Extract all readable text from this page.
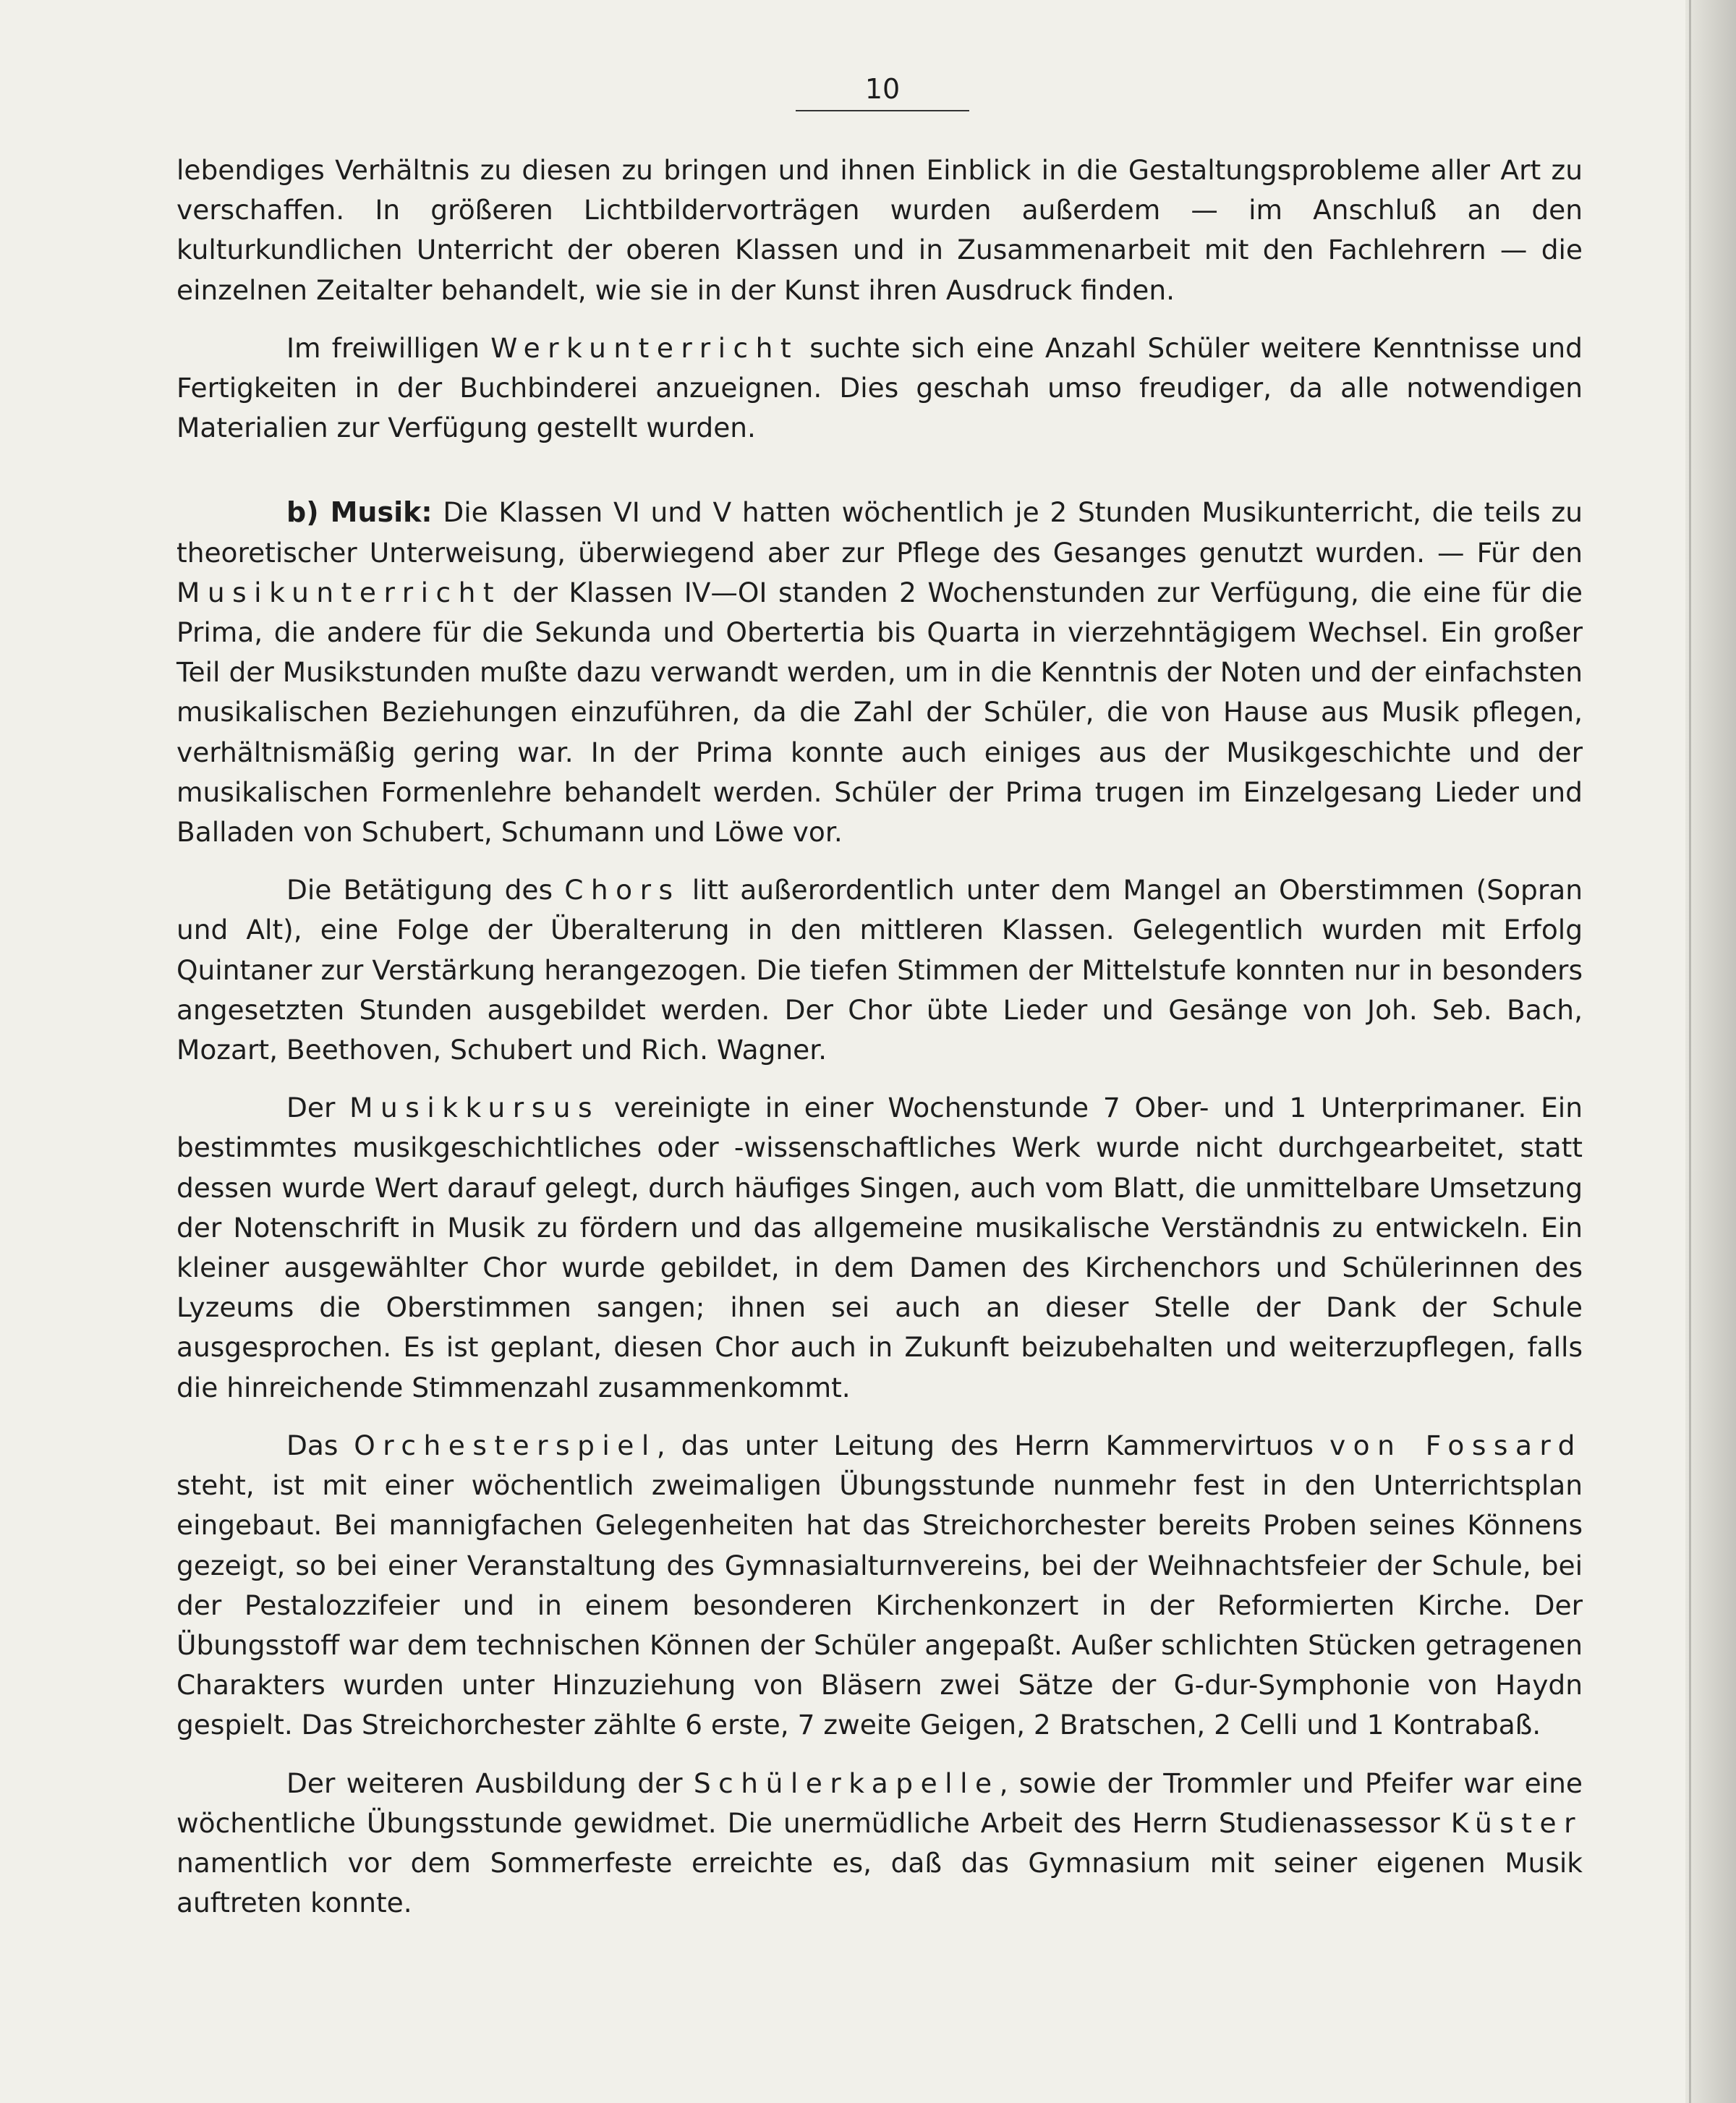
10

lebendiges Verhältnis zu diesen zu bringen und ihnen Einblick in die Gestaltungsprobleme aller Art zu verschaffen. In größeren Lichtbildervorträgen wurden außerdem — im Anschluß an den kulturkundlichen Unterricht der oberen Klassen und in Zusammenarbeit mit den Fachlehrern — die einzelnen Zeitalter behandelt, wie sie in der Kunst ihren Ausdruck finden.

Im freiwilligen Werkunterricht suchte sich eine Anzahl Schüler weitere Kenntnisse und Fertigkeiten in der Buchbinderei anzueignen. Dies geschah umso freudiger, da alle notwendigen Materialien zur Verfügung gestellt wurden.

b) Musik: Die Klassen VI und V hatten wöchentlich je 2 Stunden Musikunterricht, die teils zu theoretischer Unterweisung, überwiegend aber zur Pflege des Gesanges genutzt wurden. — Für den Musikunterricht der Klassen IV—OI standen 2 Wochenstunden zur Verfügung, die eine für die Prima, die andere für die Sekunda und Obertertia bis Quarta in vierzehntägigem Wechsel. Ein großer Teil der Musikstunden mußte dazu verwandt werden, um in die Kenntnis der Noten und der einfachsten musikalischen Beziehungen einzuführen, da die Zahl der Schüler, die von Hause aus Musik pflegen, verhältnismäßig gering war. In der Prima konnte auch einiges aus der Musikgeschichte und der musikalischen Formenlehre behandelt werden. Schüler der Prima trugen im Einzelgesang Lieder und Balladen von Schubert, Schumann und Löwe vor.

Die Betätigung des Chors litt außerordentlich unter dem Mangel an Oberstimmen (Sopran und Alt), eine Folge der Überalterung in den mittleren Klassen. Gelegentlich wurden mit Erfolg Quintaner zur Verstärkung herangezogen. Die tiefen Stimmen der Mittelstufe konnten nur in besonders angesetzten Stunden ausgebildet werden. Der Chor übte Lieder und Gesänge von Joh. Seb. Bach, Mozart, Beethoven, Schubert und Rich. Wagner.

Der Musikkursus vereinigte in einer Wochenstunde 7 Ober- und 1 Unterprimaner. Ein bestimmtes musikgeschichtliches oder -wissenschaftliches Werk wurde nicht durchgearbeitet, statt dessen wurde Wert darauf gelegt, durch häufiges Singen, auch vom Blatt, die unmittelbare Umsetzung der Notenschrift in Musik zu fördern und das allgemeine musikalische Verständnis zu entwickeln. Ein kleiner ausgewählter Chor wurde gebildet, in dem Damen des Kirchenchors und Schülerinnen des Lyzeums die Oberstimmen sangen; ihnen sei auch an dieser Stelle der Dank der Schule ausgesprochen. Es ist geplant, diesen Chor auch in Zukunft beizubehalten und weiterzupflegen, falls die hinreichende Stimmenzahl zusammenkommt.

Das Orchesterspiel, das unter Leitung des Herrn Kammervirtuos von Fossard steht, ist mit einer wöchentlich zweimaligen Übungsstunde nunmehr fest in den Unterrichtsplan eingebaut. Bei mannigfachen Gelegenheiten hat das Streichorchester bereits Proben seines Könnens gezeigt, so bei einer Veranstaltung des Gymnasialturnvereins, bei der Weihnachtsfeier der Schule, bei der Pestalozzifeier und in einem besonderen Kirchenkonzert in der Reformierten Kirche. Der Übungsstoff war dem technischen Können der Schüler angepaßt. Außer schlichten Stücken getragenen Charakters wurden unter Hinzuziehung von Bläsern zwei Sätze der G-dur-Symphonie von Haydn gespielt. Das Streichorchester zählte 6 erste, 7 zweite Geigen, 2 Bratschen, 2 Celli und 1 Kontrabaß.

Der weiteren Ausbildung der Schülerkapelle, sowie der Trommler und Pfeifer war eine wöchentliche Übungsstunde gewidmet. Die unermüdliche Arbeit des Herrn Studienassessor Küster namentlich vor dem Sommerfeste erreichte es, daß das Gymnasium mit seiner eigenen Musik auftreten konnte.
